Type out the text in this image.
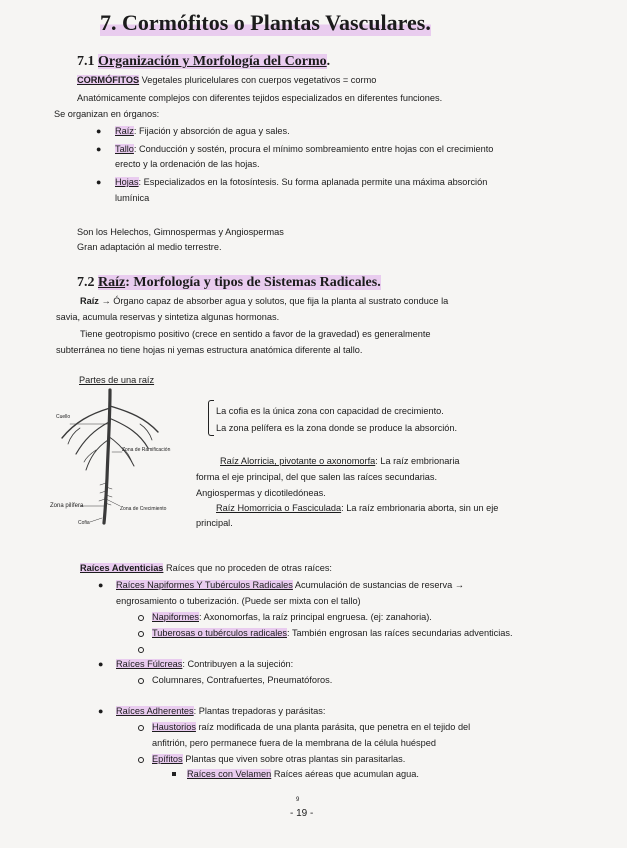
7. Cormófitos o Plantas Vasculares.
7.1 Organización y Morfología del Cormo.
CORMÓFITOS Vegetales pluricelulares con cuerpos vegetativos = cormo
Anatómicamente complejos con diferentes tejidos especializados en diferentes funciones.
Se organizan en órganos:
● Raíz: Fijación y absorción de agua y sales.
● Tallo: Conducción y sostén, procura el mínimo sombreamiento entre hojas con el crecimiento
erecto y la ordenación de las hojas.
● Hojas: Especializados en la fotosíntesis. Su forma aplanada permite una máxima absorción
lumínica
Son los Helechos, Gimnospermas y Angiospermas
Gran adaptación al medio terrestre.
7.2 Raíz: Morfología y tipos de Sistemas Radicales.
Raíz → Órgano capaz de absorber agua y solutos, que fija la planta al sustrato conduce la
savia, acumula reservas y sintetiza algunas hormonas.
Tiene geotropismo positivo (crece en sentido a favor de la gravedad) es generalmente
subterránea no tiene hojas ni yemas estructura anatómica diferente al tallo.
Partes de una raíz
Cuello
Zona de Ramificación
Zona pilífera	Zona de Crecimiento
Cofia
La cofia es la única zona con capacidad de crecimiento.
La zona pelífera es la zona donde se produce la absorción.
Raíz Alorricia, pivotante o axonomorfa: La raíz embrionaria
forma el eje principal, del que salen las raíces secundarias.
Angiospermas y dicotiledóneas.
Raíz Homorricia o Fasciculada: La raíz embrionaria aborta, sin un eje
principal.
Raíces Adventicias Raíces que no proceden de otras raíces:
● Raíces Napiformes Y Tubérculos Radicales Acumulación de sustancias de reserva →
engrosamiento o tuberización. (Puede ser mixta con el tallo)
Napiformes: Axonomorfas, la raíz principal engruesa. (ej: zanahoria).
Tuberosas o tubérculos radicales: También engrosan las raíces secundarias adventicias.
● Raíces Fúlcreas: Contribuyen a la sujeción:
Columnares, Contrafuertes, Pneumatóforos.
● Raíces Adherentes: Plantas trepadoras y parásitas:
Haustorios raíz modificada de una planta parásita, que penetra en el tejido del
anfitrión, pero permanece fuera de la membrana de la célula huésped
Epífitos Plantas que viven sobre otras plantas sin parasitarlas.
Raíces con Velamen Raíces aéreas que acumulan agua.
9
- 19 -
